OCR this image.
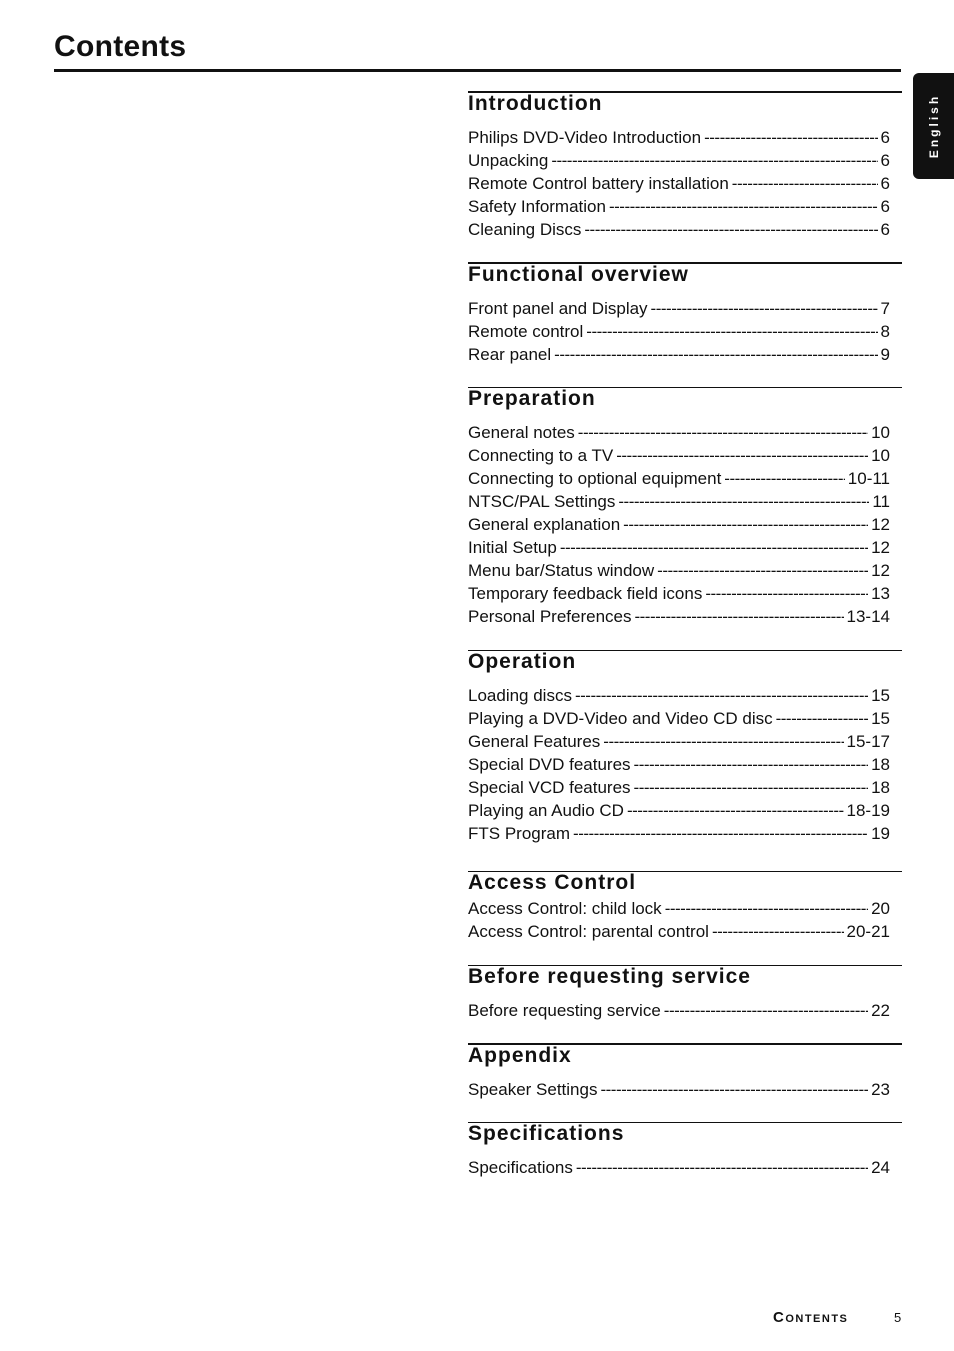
Contents
English
Introduction
Philips DVD-Video Introduction -----	6
Unpacking -----	6
Remote Control battery installation -----	6
Safety Information -----	6
Cleaning Discs -----	6
Functional overview
Front panel and Display -----	7
Remote control -----	8
Rear panel -----	9
Preparation
General notes -----	10
Connecting to a TV -----	10
Connecting to optional equipment -----	10-11
NTSC/PAL Settings -----	11
General explanation -----	12
Initial Setup -----	12
Menu bar/Status window -----	12
Temporary feedback field icons -----	13
Personal Preferences -----	13-14
Operation
Loading discs -----	15
Playing a DVD-Video and Video CD disc -----	15
General Features -----	15-17
Special DVD features -----	18
Special VCD features -----	18
Playing an Audio CD -----	18-19
FTS Program -----	19
Access Control
Access Control: child lock -----	20
Access Control: parental control -----	20-21
Before requesting service
Before requesting service -----	22
Appendix
Speaker Settings -----	23
Specifications
Specifications -----	24
Contents	5
